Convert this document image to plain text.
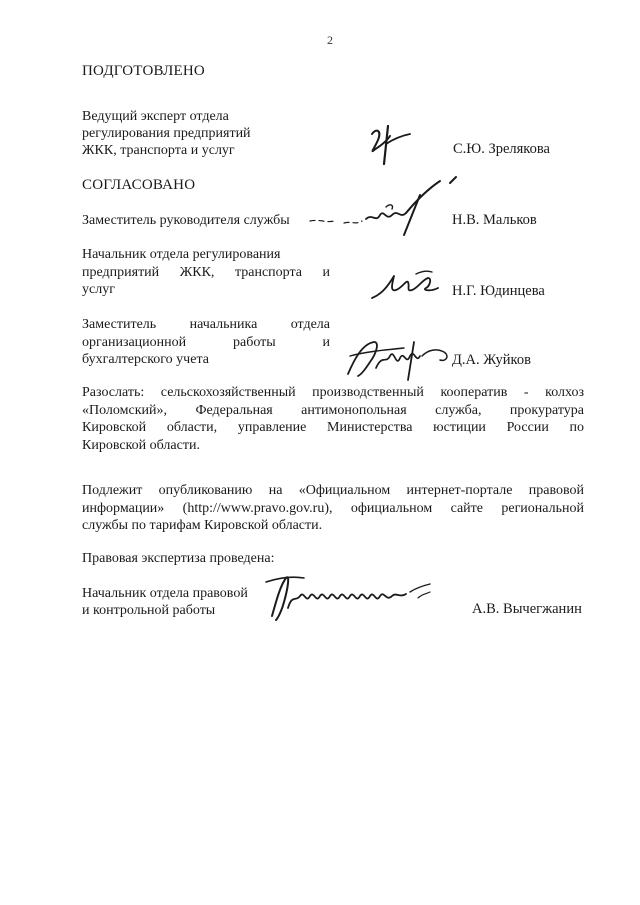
2
ПОДГОТОВЛЕНО
Ведущий эксперт отдела
регулирования предприятий
ЖКК, транспорта и услуг	С.Ю. Зрелякова
СОГЛАСОВАНО
Заместитель руководителя службы	Н.В. Мальков
Начальник отдела регулирования
предприятий ЖКК, транспорта и
услуг	Н.Г. Юдинцева
Заместитель начальника отдела
организационной работы и
бухгалтерского учета	Д.А. Жуйков
Разослать: сельскохозяйственный производственный кооператив - колхоз
«Поломский», Федеральная антимонопольная служба, прокуратура
Кировской области, управление Министерства юстиции России по
Кировской области.
Подлежит опубликованию на «Официальном интернет-портале правовой
информации» (http://www.pravo.gov.ru), официальном сайте региональной
службы по тарифам Кировской области.
Правовая экспертиза проведена:
Начальник отдела правовой
и контрольной работы	А.В. Вычегжанин
